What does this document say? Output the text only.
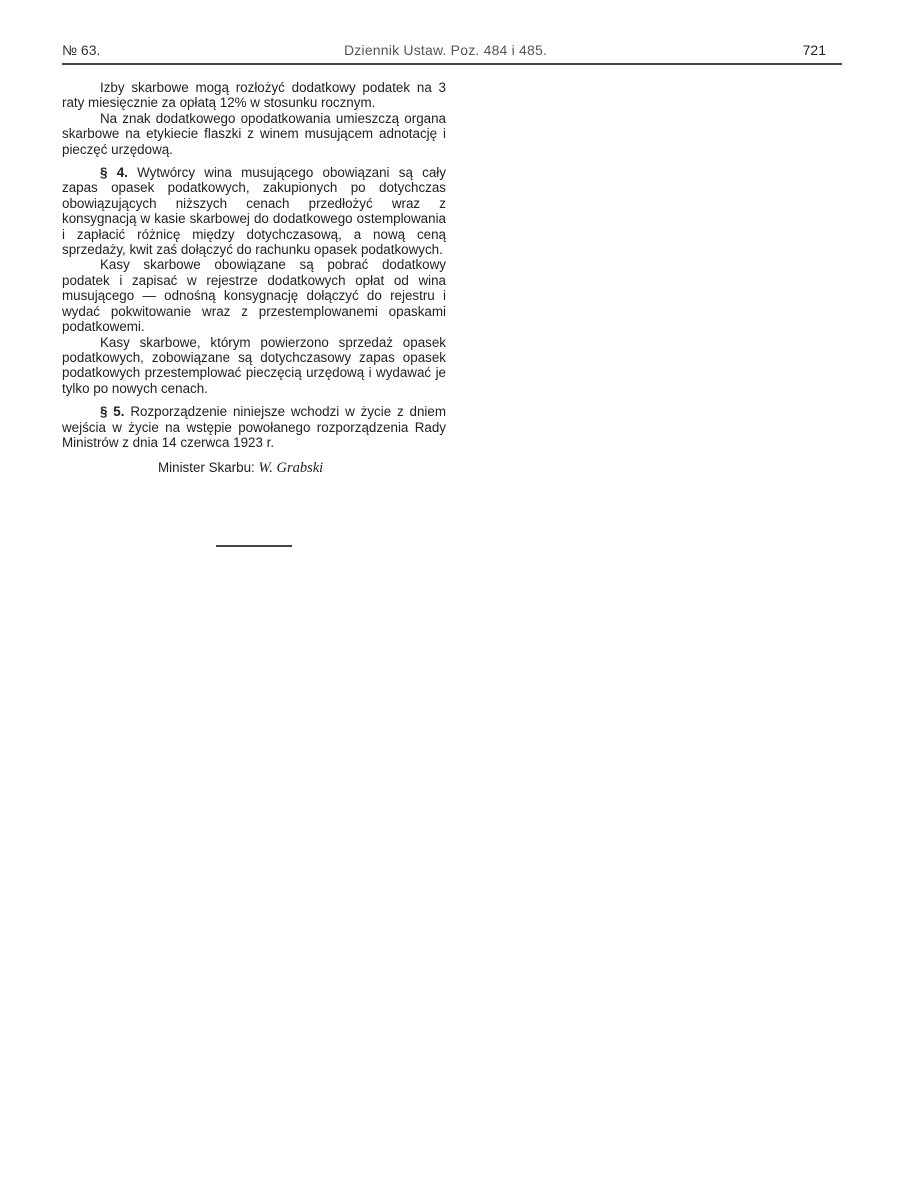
№ 63.	Dziennik Ustaw. Poz. 484 i 485.	721

Izby skarbowe mogą rozłożyć dodatkowy podatek na 3 raty miesięcznie za opłatą 12% w stosunku rocznym.

Na znak dodatkowego opodatkowania umieszczą organa skarbowe na etykiecie flaszki z winem musującem adnotację i pieczęć urzędową.

§ 4. Wytwórcy wina musującego obowiązani są cały zapas opasek podatkowych, zakupionych po dotychczas obowiązujących niższych cenach przedłożyć wraz z konsygnacją w kasie skarbowej do dodatkowego ostemplowania i zapłacić różnicę między dotychczasową, a nową ceną sprzedaży, kwit zaś dołączyć do rachunku opasek podatkowych.

Kasy skarbowe obowiązane są pobrać dodatkowy podatek i zapisać w rejestrze dodatkowych opłat od wina musującego — odnośną konsygnację dołączyć do rejestru i wydać pokwitowanie wraz z przestemplowanemi opaskami podatkowemi.

Kasy skarbowe, którym powierzono sprzedaż opasek podatkowych, zobowiązane są dotychczasowy zapas opasek podatkowych przestemplować pieczęcią urzędową i wydawać je tylko po nowych cenach.

§ 5. Rozporządzenie niniejsze wchodzi w życie z dniem wejścia w życie na wstępie powołanego rozporządzenia Rady Ministrów z dnia 14 czerwca 1923 r.

Minister Skarbu: W. Grabski
